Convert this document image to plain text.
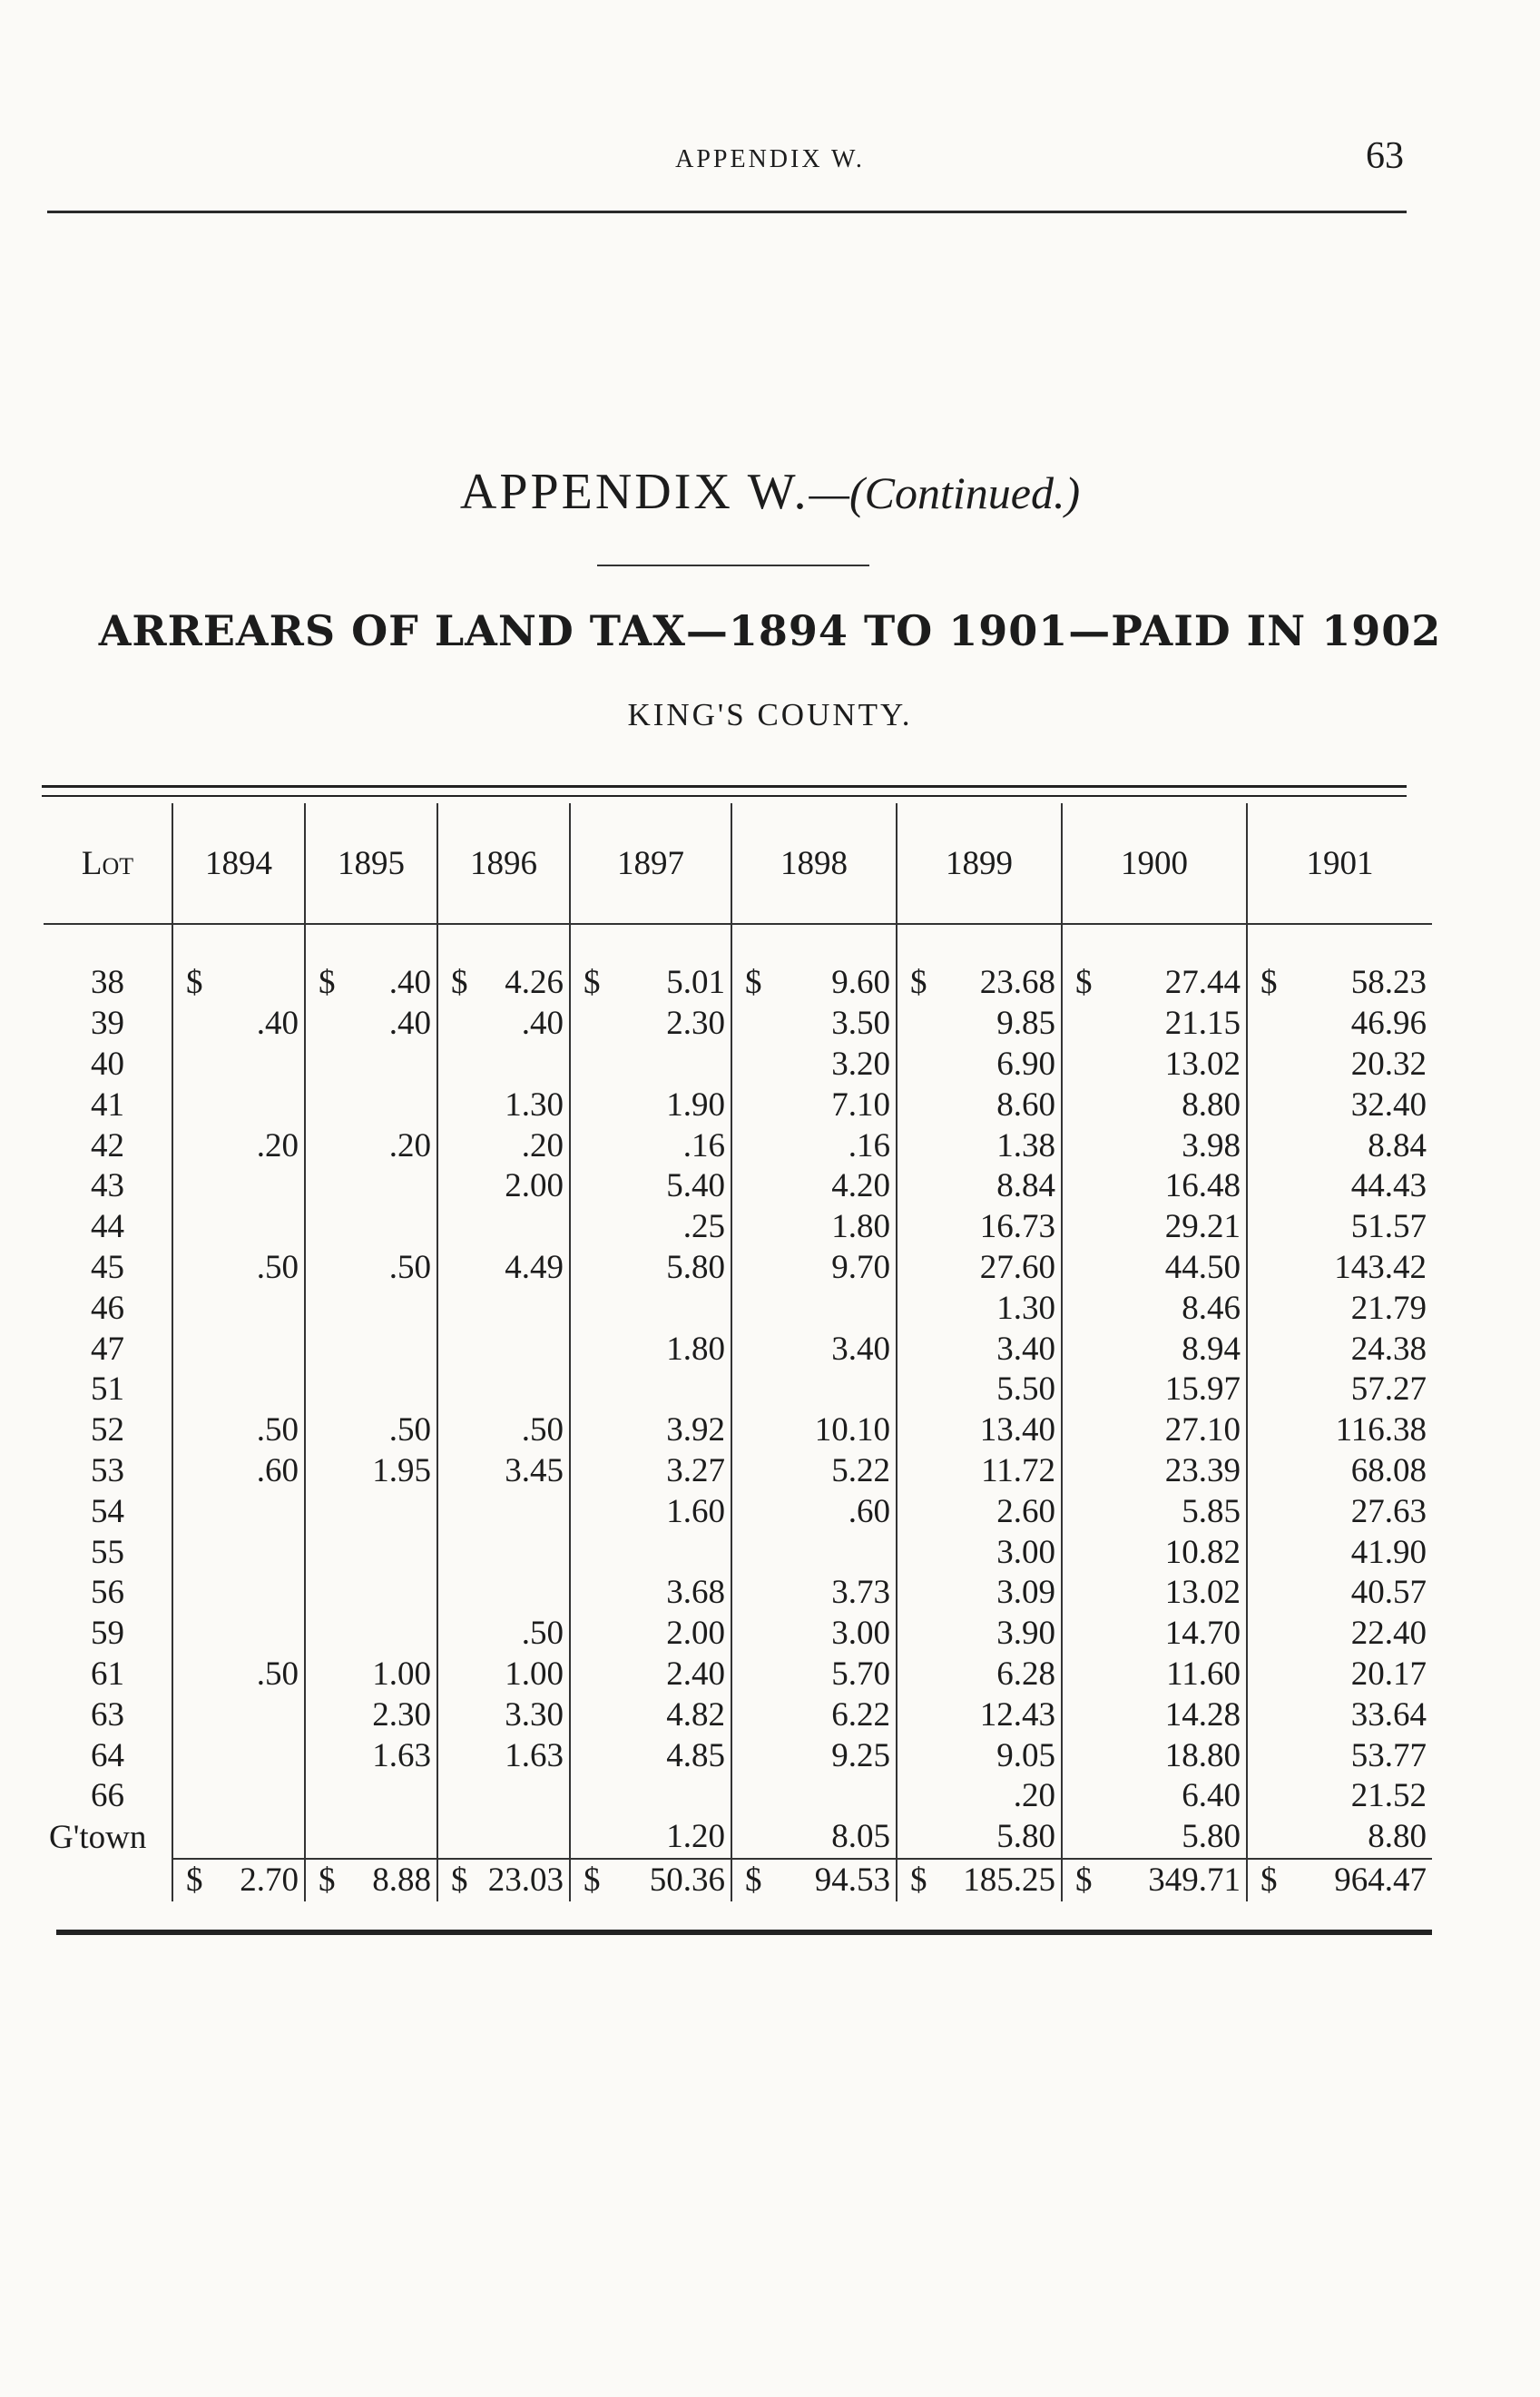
APPENDIX W.	63
APPENDIX W.—(Continued.)
ARREARS OF LAND TAX—1894 TO 1901—PAID IN 1902
KING'S COUNTY.
Lot	1894	1895	1896	1897	1898	1899	1900	1901

38	$	$ .40	$ 4.26	$ 5.01	$ 9.60	$ 23.68	$ 27.44	$ 58.23
39	.40	.40	.40	2.30	3.50	9.85	21.15	46.96
40					3.20	6.90	13.02	20.32
41			1.30	1.90	7.10	8.60	8.80	32.40
42	.20	.20	.20	.16	.16	1.38	3.98	8.84
43			2.00	5.40	4.20	8.84	16.48	44.43
44				.25	1.80	16.73	29.21	51.57
45	.50	.50	4.49	5.80	9.70	27.60	44.50	143.42
46						1.30	8.46	21.79
47				1.80	3.40	3.40	8.94	24.38
51						5.50	15.97	57.27
52	.50	.50	.50	3.92	10.10	13.40	27.10	116.38
53	.60	1.95	3.45	3.27	5.22	11.72	23.39	68.08
54				1.60	.60	2.60	5.85	27.63
55						3.00	10.82	41.90
56				3.68	3.73	3.09	13.02	40.57
59			.50	2.00	3.00	3.90	14.70	22.40
61	.50	1.00	1.00	2.40	5.70	6.28	11.60	20.17
63		2.30	3.30	4.82	6.22	12.43	14.28	33.64
64		1.63	1.63	4.85	9.25	9.05	18.80	53.77
66						.20	6.40	21.52
G'town				1.20	8.05	5.80	5.80	8.80

	$ 2.70	$ 8.88	$ 23.03	$ 50.36	$ 94.53	$ 185.25	$ 349.71	$ 964.47
